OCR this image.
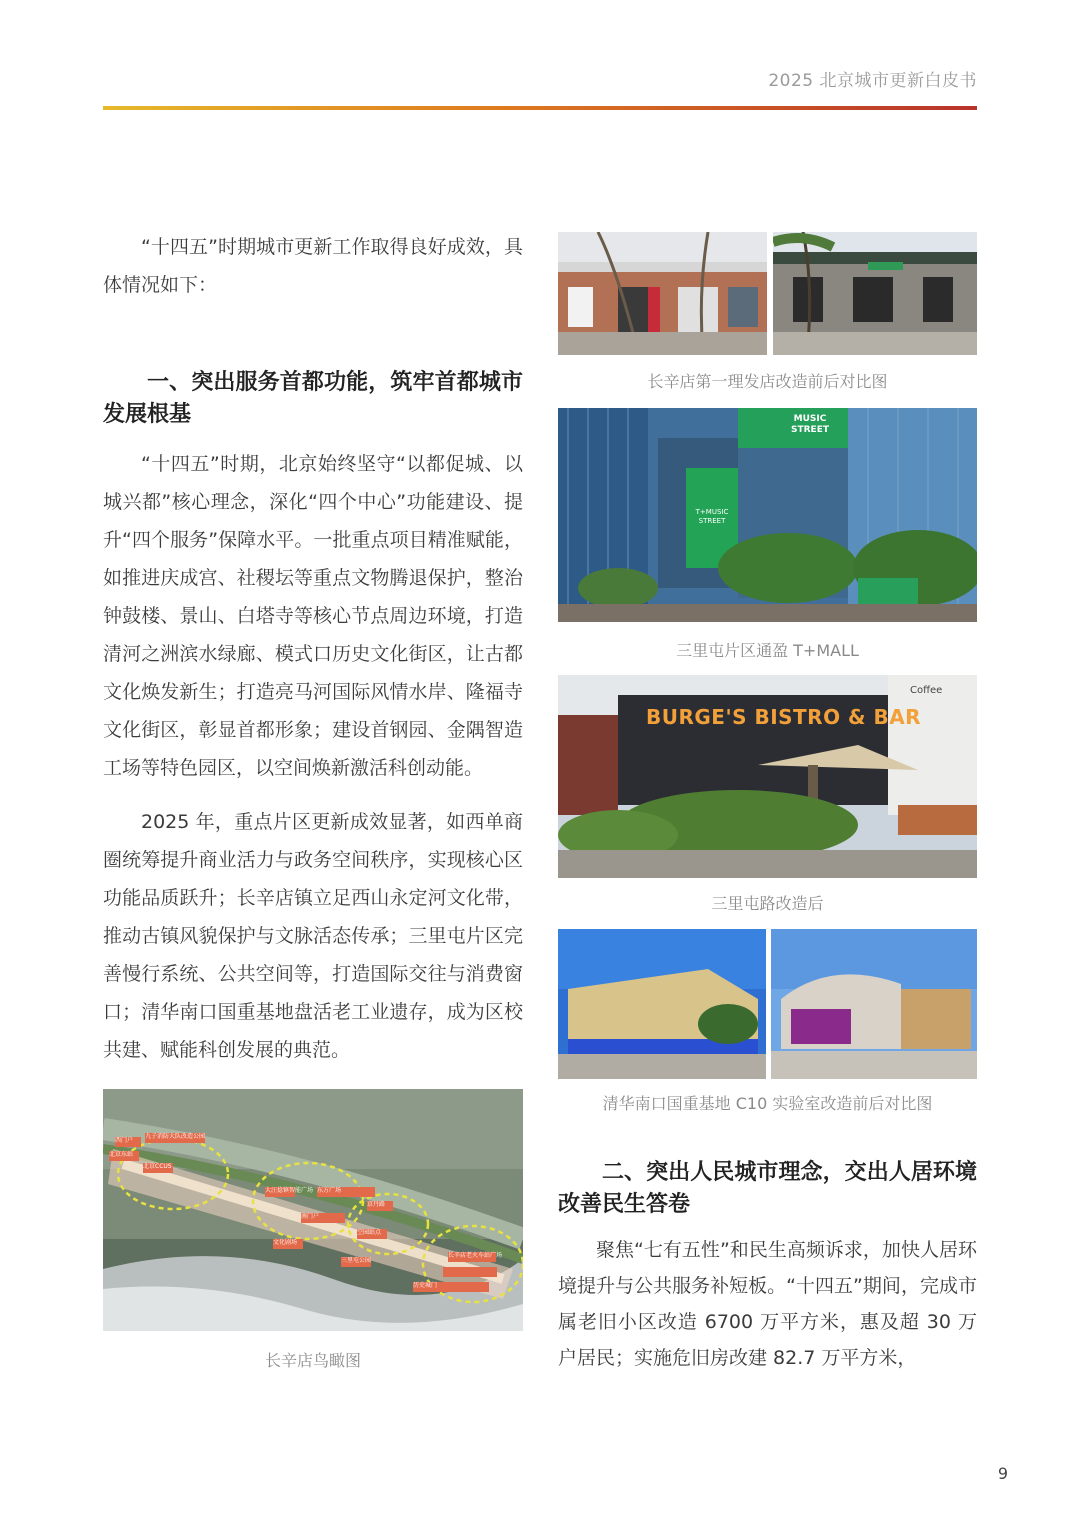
2025 北京城市更新白皮书

“十四五”时期城市更新工作取得良好成效，具体情况如下：

一、突出服务首都功能，筑牢首都城市发展根基

“十四五”时期，北京始终坚守“以都促城、以城兴都”核心理念，深化“四个中心”功能建设、提升“四个服务”保障水平。一批重点项目精准赋能，如推进庆成宫、社稷坛等重点文物腾退保护，整治钟鼓楼、景山、白塔寺等核心节点周边环境，打造清河之洲滨水绿廊、模式口历史文化街区，让古都文化焕发新生；打造亮马河国际风情水岸、隆福寺文化街区，彰显首都形象；建设首钢园、金隅智造工场等特色园区，以空间焕新激活科创动能。

2025 年，重点片区更新成效显著，如西单商圈统筹提升商业活力与政务空间秩序，实现核心区功能品质跃升；长辛店镇立足西山永定河文化带，推动古镇风貌保护与文脉活态传承；三里屯片区完善慢行系统、公共空间等，打造国际交往与消费窗口；清华南口国重基地盘活老工业遗存，成为区校共建、赋能科创发展的典范。

西门户
九子消防大队改造公园
北京东站
北京CCUS
大汪捻镇智能广场 东方广场
京丹路
南门户
空园站点
文化剧场
三里屯公园
长辛店老火车站广场
历史城门
长辛店鸟瞰图
长辛店第一理发店改造前后对比图
MUSIC
STREET
T+MUSIC STREET
三里屯片区通盈 T+MALL
BURGE'S BISTRO & BAR
Coffee
三里屯路改造后
清华南口国重基地 C10 实验室改造前后对比图

二、突出人民城市理念，交出人居环境改善民生答卷

聚焦“七有五性”和民生高频诉求，加快人居环境提升与公共服务补短板。“十四五”期间，完成市属老旧小区改造 6700 万平方米，惠及超 30 万户居民；实施危旧房改建 82.7 万平方米，

9
